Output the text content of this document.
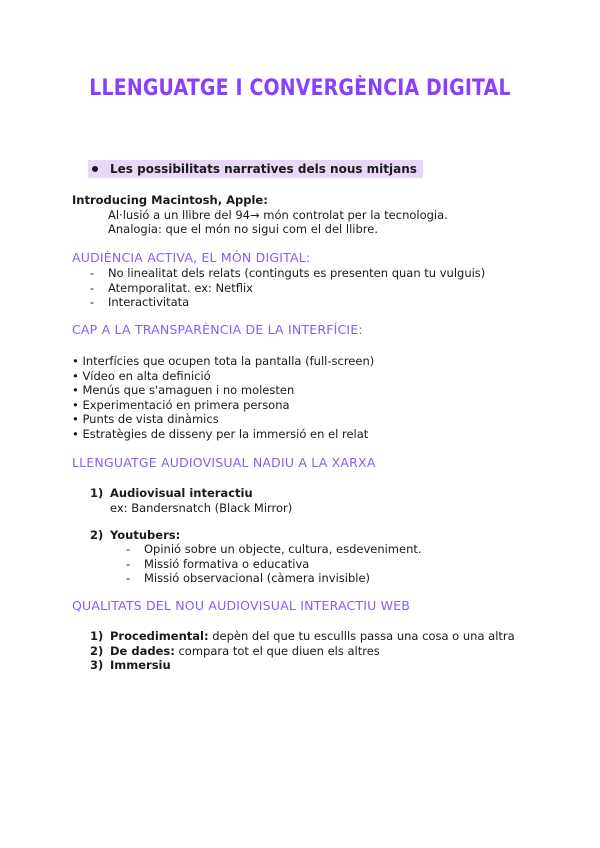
LLENGUATGE I CONVERGÈNCIA DIGITAL
Les possibilitats narratives dels nous mitjans
Introducing Macintosh, Apple:
Al·lusió a un llibre del 94→ món controlat per la tecnologia.
Analogia: que el món no sigui com el del llibre.
AUDIÈNCIA ACTIVA, EL MÓN DIGITAL:
-	No linealitat dels relats (continguts es presenten quan tu vulguis)
-	Atemporalitat. ex: Netflix
-	Interactivitata
CAP A LA TRANSPARÈNCIA DE LA INTERFÍCIE:
• Interfícies que ocupen tota la pantalla (full-screen)
• Vídeo en alta definició
• Menús que s'amaguen i no molesten
• Experimentació en primera persona
• Punts de vista dinàmics
• Estratègies de disseny per la immersió en el relat
LLENGUATGE AUDIOVISUAL NADIU A LA XARXA
1) Audiovisual interactiu
ex: Bandersnatch (Black Mirror)
2) Youtubers:
-	Opinió sobre un objecte, cultura, esdeveniment.
-	Missió formativa o educativa
-	Missió observacional (càmera invisible)
QUALITATS DEL NOU AUDIOVISUAL INTERACTIU WEB
1) Procedimental: depèn del que tu escullls passa una cosa o una altra
2) De dades: compara tot el que diuen els altres
3) Immersiu
